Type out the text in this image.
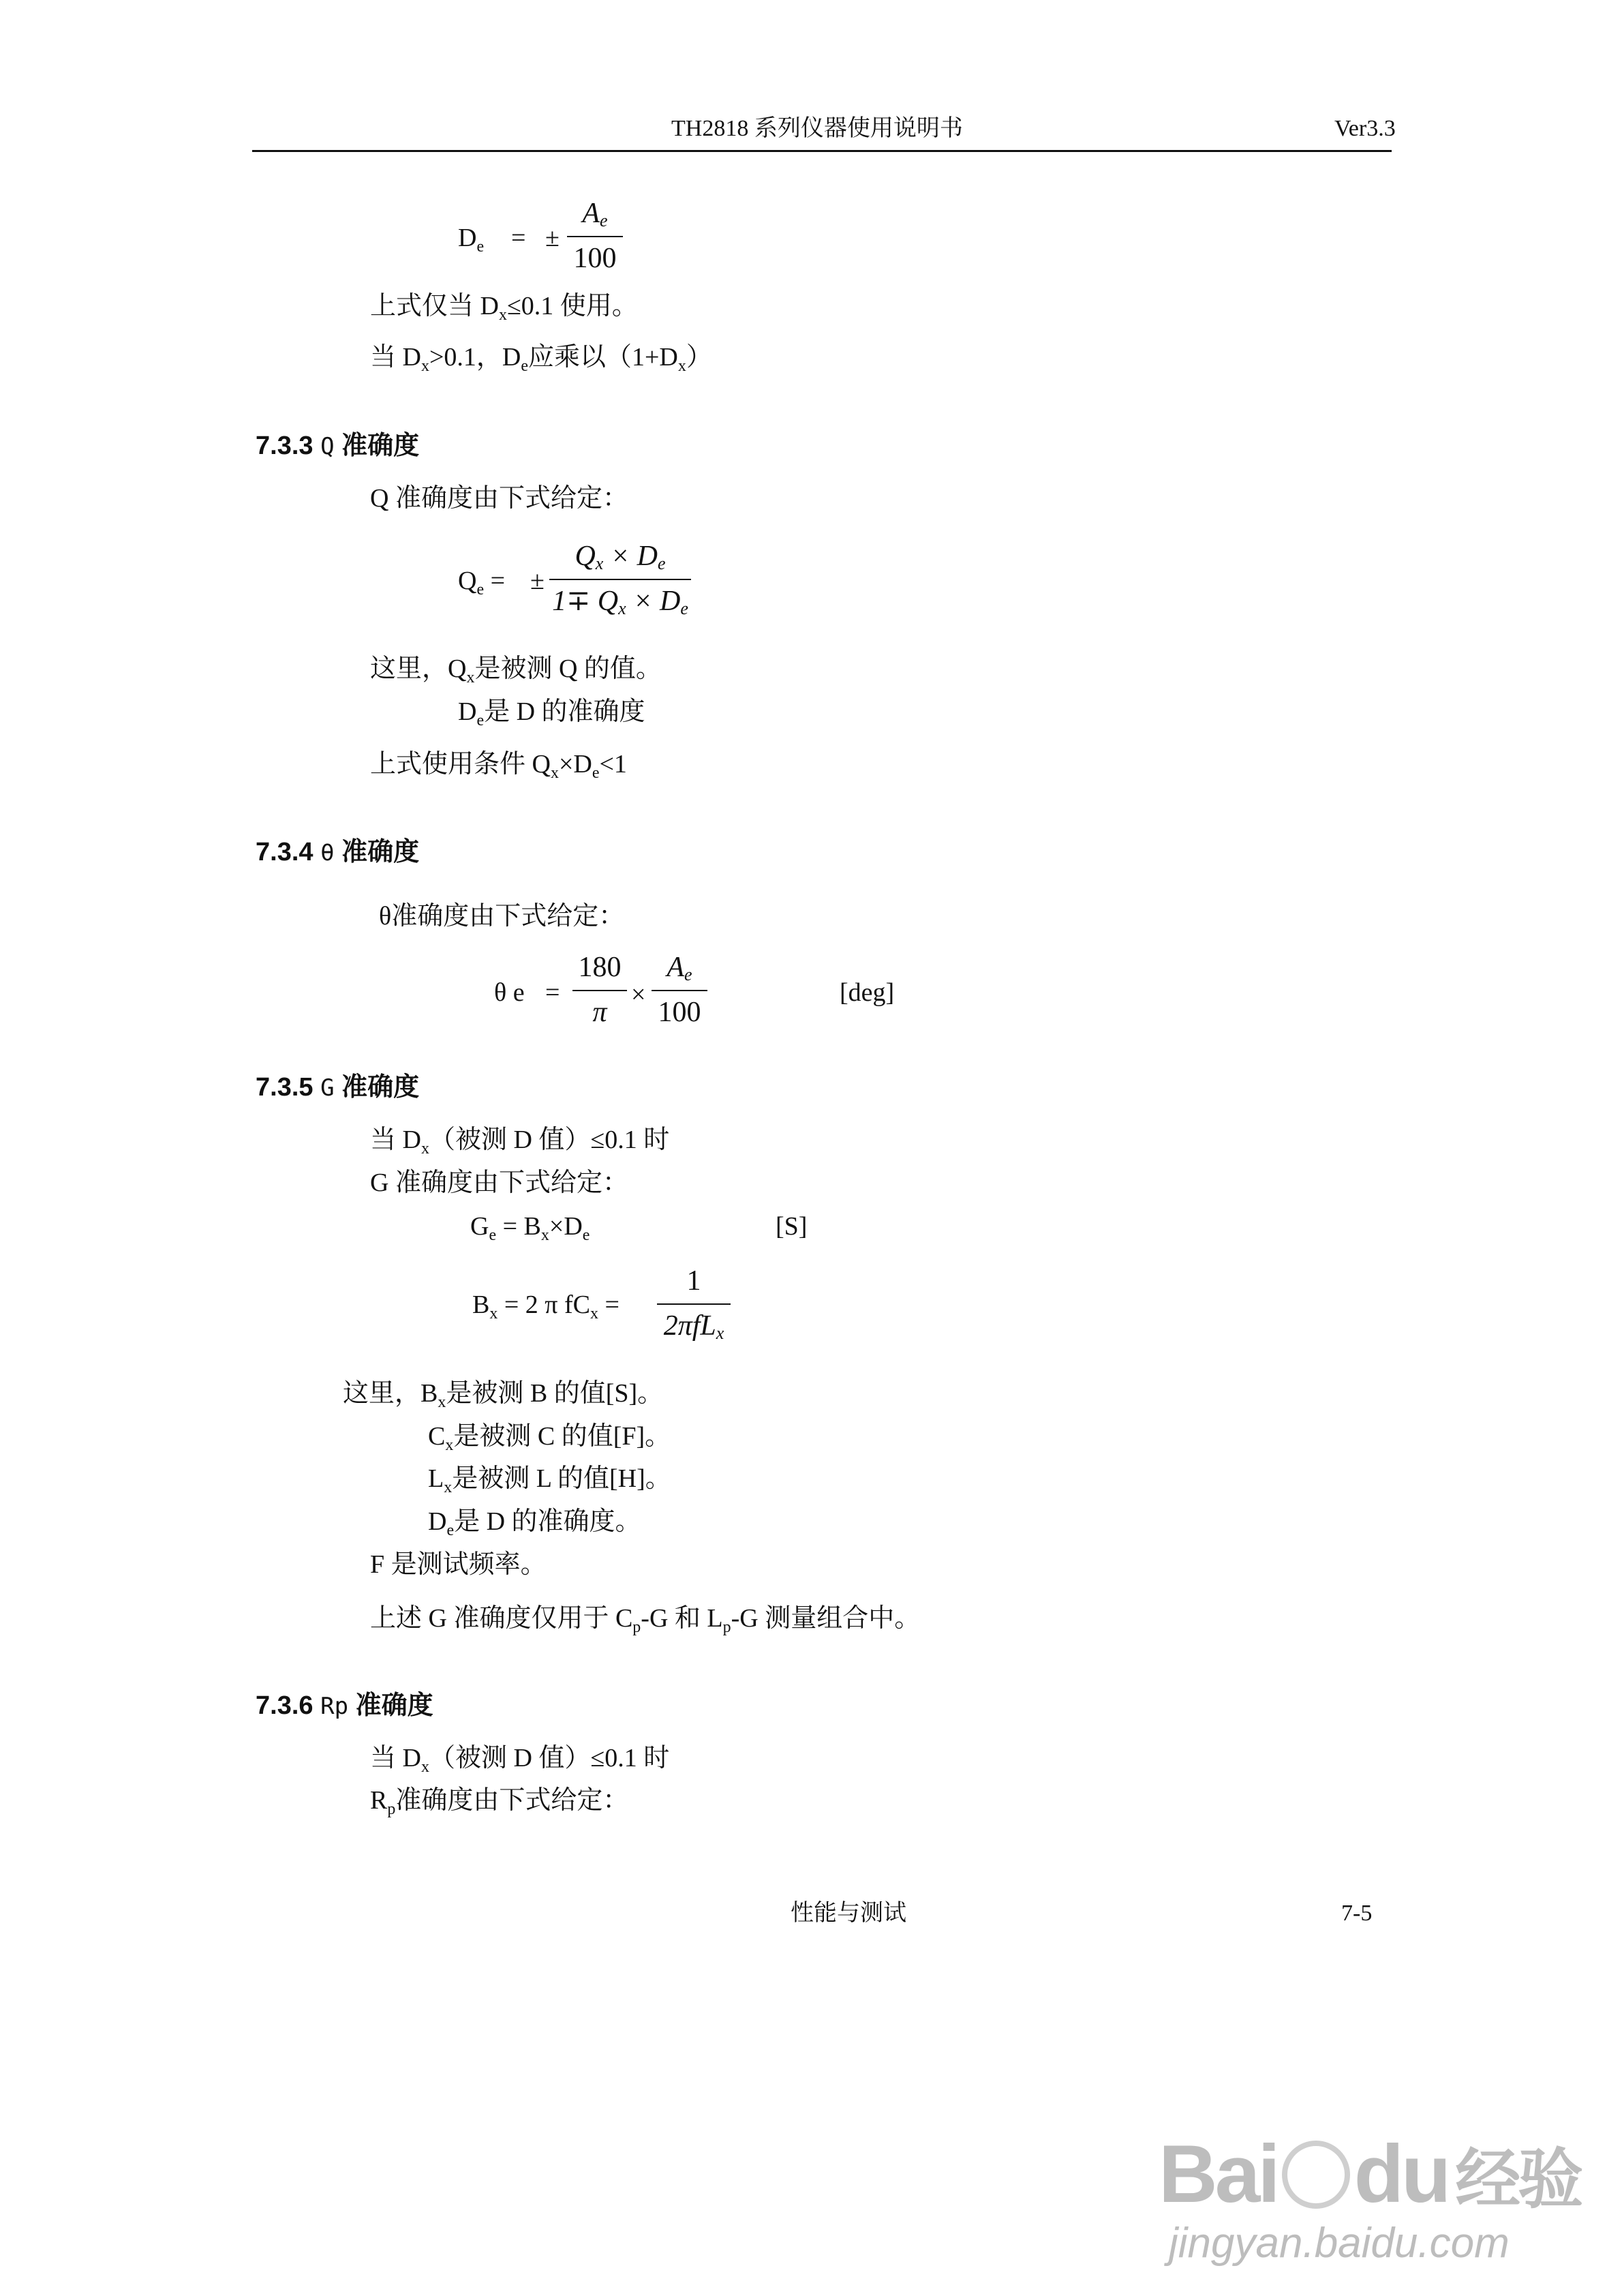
TH2818 系列仪器使用说明书	Ver3.3
$D_e$ = ±
Ae
100
上式仅当 $D_x\le 0.1$ 使用。
当 $D_x>0.1$，$D_e$应乘以$(1+D_x)$
7.3.3 Q 准确度
Q 准确度由下式给定：
$Q_e$ = ±
Qx × De
1∓ Qx × De
这里，$Q_x$是被测 Q 的值。
$D_e$是 D 的准确度
上式使用条件 $Q_x\times D_e<1$
7.3.4 θ 准确度
θ准确度由下式给定：
θ e =
180
π
×
Ae
100
[deg]
7.3.5 G 准确度
当 $D_x$（被测 D 值）≤0.1 时
G 准确度由下式给定：
$G_e = B_x\times D_e$	[S]
$B_x = 2$ π $fC_x$ =
1
2πfLx
这里，$B_x$是被测 B 的值[S]。
$C_x$是被测 C 的值[F]。
$L_x$是被测 L 的值[H]。
$D_e$是 D 的准确度。
F 是测试频率。
上述 G 准确度仅用于 $C_p-G$ 和 $L_p-G$ 测量组合中。
7.3.6 Rp 准确度
当 $D_x$（被测 D 值）≤0.1 时
$R_p$准确度由下式给定：
性能与测试	7-5
Bai du 经验
jingyan.baidu.com
